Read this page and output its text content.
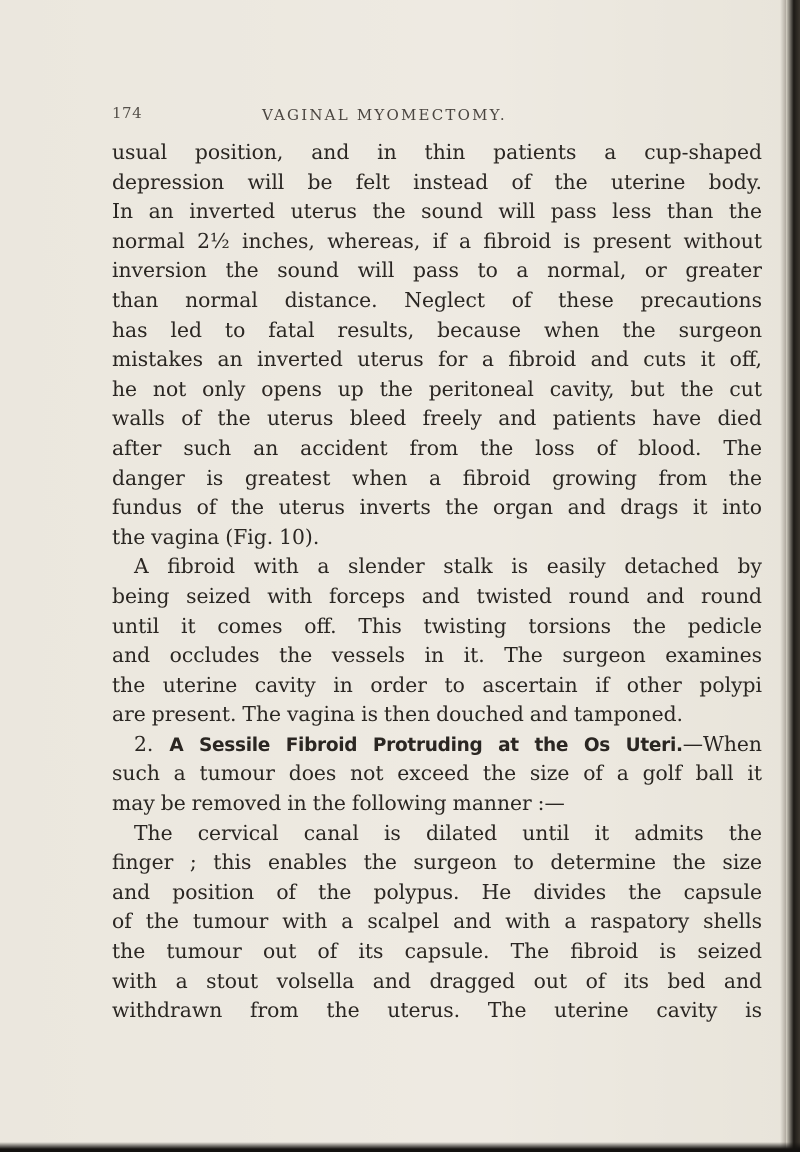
174	VAGINAL MYOMECTOMY.
usual position, and in thin patients a cup-shaped
depression will be felt instead of the uterine body.
In an inverted uterus the sound will pass less than the
normal 2½ inches, whereas, if a fibroid is present without
inversion the sound will pass to a normal, or greater
than normal distance. Neglect of these precautions
has led to fatal results, because when the surgeon
mistakes an inverted uterus for a fibroid and cuts it off,
he not only opens up the peritoneal cavity, but the cut
walls of the uterus bleed freely and patients have died
after such an accident from the loss of blood. The
danger is greatest when a fibroid growing from the
fundus of the uterus inverts the organ and drags it into
the vagina (Fig. 10).
A fibroid with a slender stalk is easily detached by
being seized with forceps and twisted round and round
until it comes off. This twisting torsions the pedicle
and occludes the vessels in it. The surgeon examines
the uterine cavity in order to ascertain if other polypi
are present. The vagina is then douched and tamponed.
2. A Sessile Fibroid Protruding at the Os Uteri.—When
such a tumour does not exceed the size of a golf ball it
may be removed in the following manner :—
The cervical canal is dilated until it admits the
finger ; this enables the surgeon to determine the size
and position of the polypus. He divides the capsule
of the tumour with a scalpel and with a raspatory shells
the tumour out of its capsule. The fibroid is seized
with a stout volsella and dragged out of its bed and
withdrawn from the uterus. The uterine cavity is
